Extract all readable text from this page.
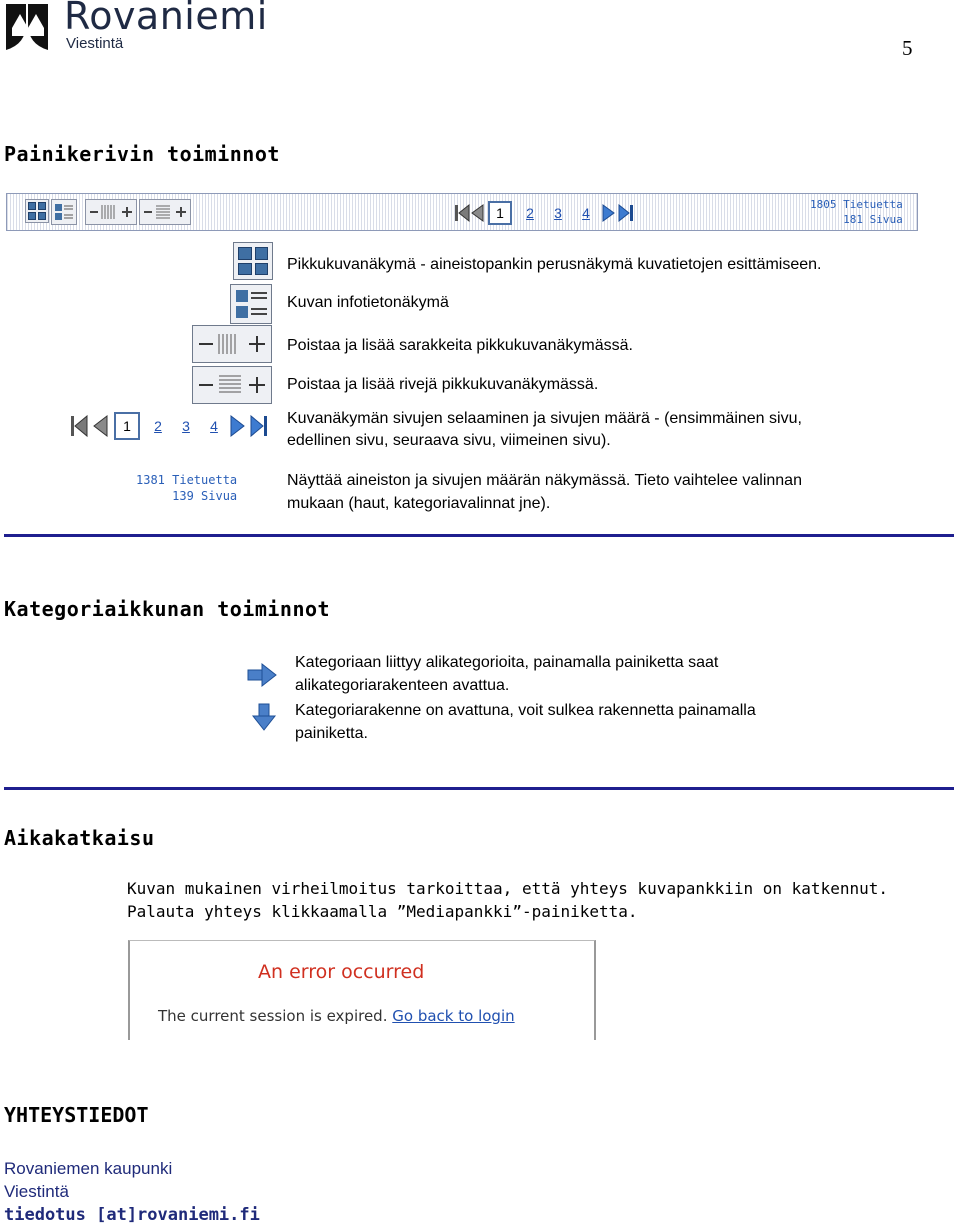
Rovaniemi
Viestintä	5
Painikerivin toiminnot
1	2	3	4
1805 Tietuetta
181 Sivua
Pikkukuvanäkymä - aineistopankin perusnäkymä kuvatietojen esittämiseen.
Kuvan infotietonäkymä
Poistaa ja lisää sarakkeita pikkukuvanäkymässä.
Poistaa ja lisää rivejä pikkukuvanäkymässä.
1	2	3	4	Kuvanäkymän sivujen selaaminen ja sivujen määrä - (ensimmäinen sivu,
edellinen sivu, seuraava sivu, viimeinen sivu).
1381 Tietuetta
139 Sivua
Näyttää aineiston ja sivujen määrän näkymässä. Tieto vaihtelee valinnan
mukaan (haut, kategoriavalinnat jne).
Kategoriaikkunan toiminnot
Kategoriaan liittyy alikategorioita, painamalla painiketta saat
alikategoriarakenteen avattua.
Kategoriarakenne on avattuna, voit sulkea rakennetta painamalla
painiketta.
Aikakatkaisu
Kuvan mukainen virheilmoitus tarkoittaa, että yhteys kuvapankkiin on katkennut.
Palauta yhteys klikkaamalla ”Mediapankki”-painiketta.
An error occurred
The current session is expired. Go back to login
YHTEYSTIEDOT
Rovaniemen kaupunki
Viestintä
tiedotus [at]rovaniemi.fi
